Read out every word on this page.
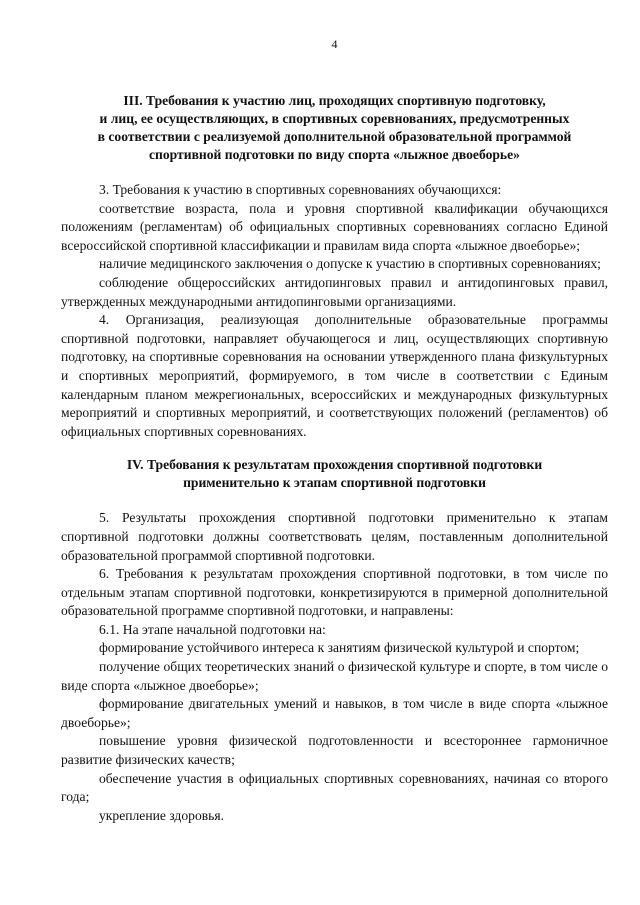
4

III. Требования к участию лиц, проходящих спортивную подготовку,
и лиц, ее осуществляющих, в спортивных соревнованиях, предусмотренных
в соответствии с реализуемой дополнительной образовательной программой
спортивной подготовки по виду спорта «лыжное двоеборье»

3. Требования к участию в спортивных соревнованиях обучающихся:

соответствие возраста, пола и уровня спортивной квалификации обучающихся положениям (регламентам) об официальных спортивных соревнованиях согласно Единой всероссийской спортивной классификации и правилам вида спорта «лыжное двоеборье»;

наличие медицинского заключения о допуске к участию в спортивных соревнованиях;

соблюдение общероссийских антидопинговых правил и антидопинговых правил, утвержденных международными антидопинговыми организациями.

4. Организация, реализующая дополнительные образовательные программы спортивной подготовки, направляет обучающегося и лиц, осуществляющих спортивную подготовку, на спортивные соревнования на основании утвержденного плана физкультурных и спортивных мероприятий, формируемого, в том числе в соответствии с Единым календарным планом межрегиональных, всероссийских и международных физкультурных мероприятий и спортивных мероприятий, и соответствующих положений (регламентов) об официальных спортивных соревнованиях.

IV. Требования к результатам прохождения спортивной подготовки
применительно к этапам спортивной подготовки

5. Результаты прохождения спортивной подготовки применительно к этапам спортивной подготовки должны соответствовать целям, поставленным дополнительной образовательной программой спортивной подготовки.

6. Требования к результатам прохождения спортивной подготовки, в том числе по отдельным этапам спортивной подготовки, конкретизируются в примерной дополнительной образовательной программе спортивной подготовки, и направлены:

6.1. На этапе начальной подготовки на:

формирование устойчивого интереса к занятиям физической культурой и спортом;

получение общих теоретических знаний о физической культуре и спорте, в том числе о виде спорта «лыжное двоеборье»;

формирование двигательных умений и навыков, в том числе в виде спорта «лыжное двоеборье»;

повышение уровня физической подготовленности и всестороннее гармоничное развитие физических качеств;

обеспечение участия в официальных спортивных соревнованиях, начиная со второго года;

укрепление здоровья.
